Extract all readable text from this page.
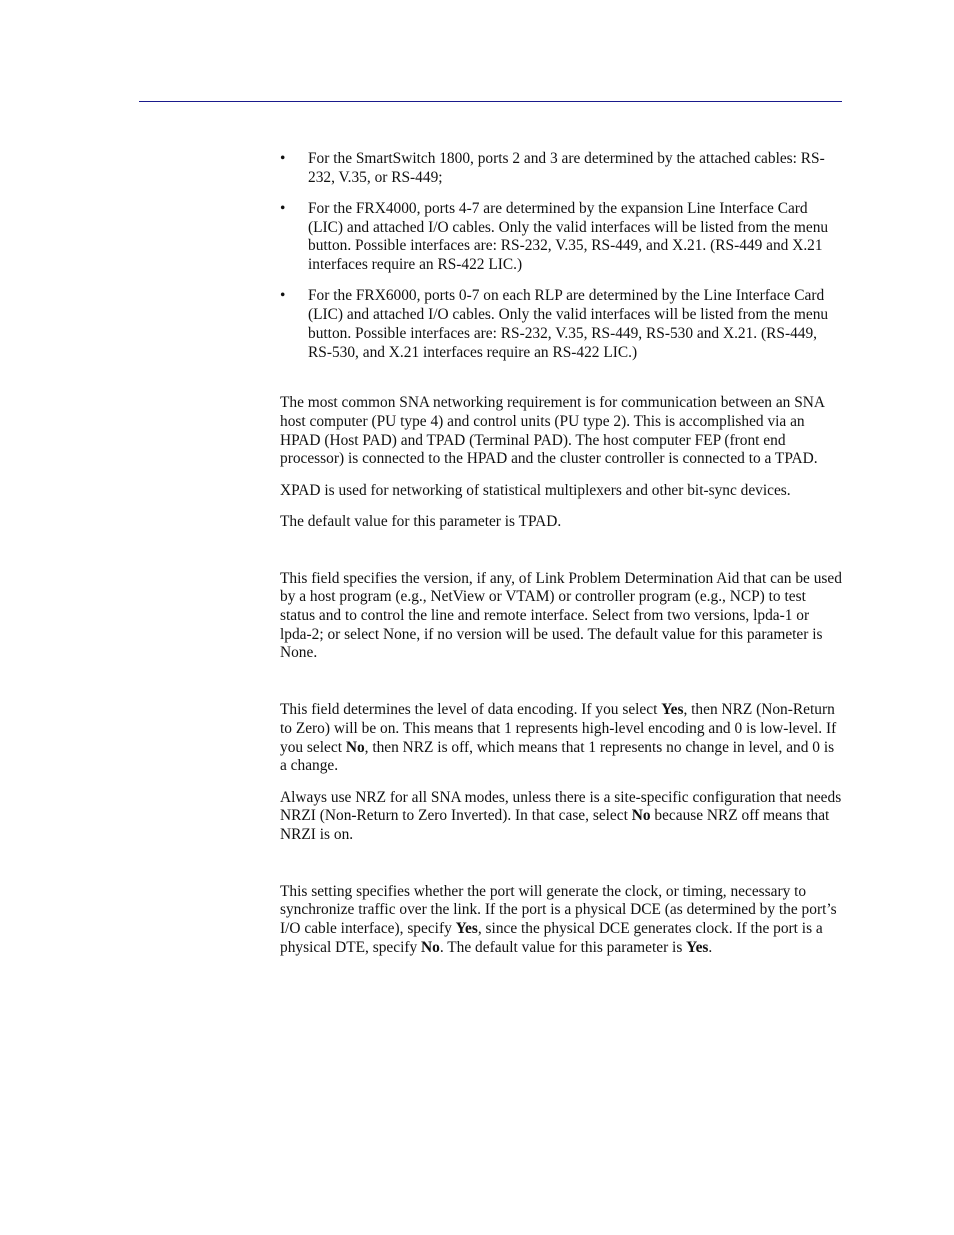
• For the SmartSwitch 1800, ports 2 and 3 are determined by the attached cables: RS-232, V.35, or RS-449;
• For the FRX4000, ports 4-7 are determined by the expansion Line Interface Card (LIC) and attached I/O cables. Only the valid interfaces will be listed from the menu button. Possible interfaces are: RS-232, V.35, RS-449, and X.21. (RS-449 and X.21 interfaces require an RS-422 LIC.)
• For the FRX6000, ports 0-7 on each RLP are determined by the Line Interface Card (LIC) and attached I/O cables. Only the valid interfaces will be listed from the menu button. Possible interfaces are: RS-232, V.35, RS-449, RS-530 and X.21. (RS-449, RS-530, and X.21 interfaces require an RS-422 LIC.)

The most common SNA networking requirement is for communication between an SNA host computer (PU type 4) and control units (PU type 2). This is accomplished via an HPAD (Host PAD) and TPAD (Terminal PAD). The host computer FEP (front end processor) is connected to the HPAD and the cluster controller is connected to a TPAD.

XPAD is used for networking of statistical multiplexers and other bit-sync devices.

The default value for this parameter is TPAD.

This field specifies the version, if any, of Link Problem Determination Aid that can be used by a host program (e.g., NetView or VTAM) or controller program (e.g., NCP) to test status and to control the line and remote interface. Select from two versions, lpda-1 or lpda-2; or select None, if no version will be used. The default value for this parameter is None.

This field determines the level of data encoding. If you select Yes, then NRZ (Non-Return to Zero) will be on. This means that 1 represents high-level encoding and 0 is low-level. If you select No, then NRZ is off, which means that 1 represents no change in level, and 0 is a change.

Always use NRZ for all SNA modes, unless there is a site-specific configuration that needs NRZI (Non-Return to Zero Inverted). In that case, select No because NRZ off means that NRZI is on.

This setting specifies whether the port will generate the clock, or timing, necessary to synchronize traffic over the link. If the port is a physical DCE (as determined by the port’s I/O cable interface), specify Yes, since the physical DCE generates clock. If the port is a physical DTE, specify No. The default value for this parameter is Yes.
